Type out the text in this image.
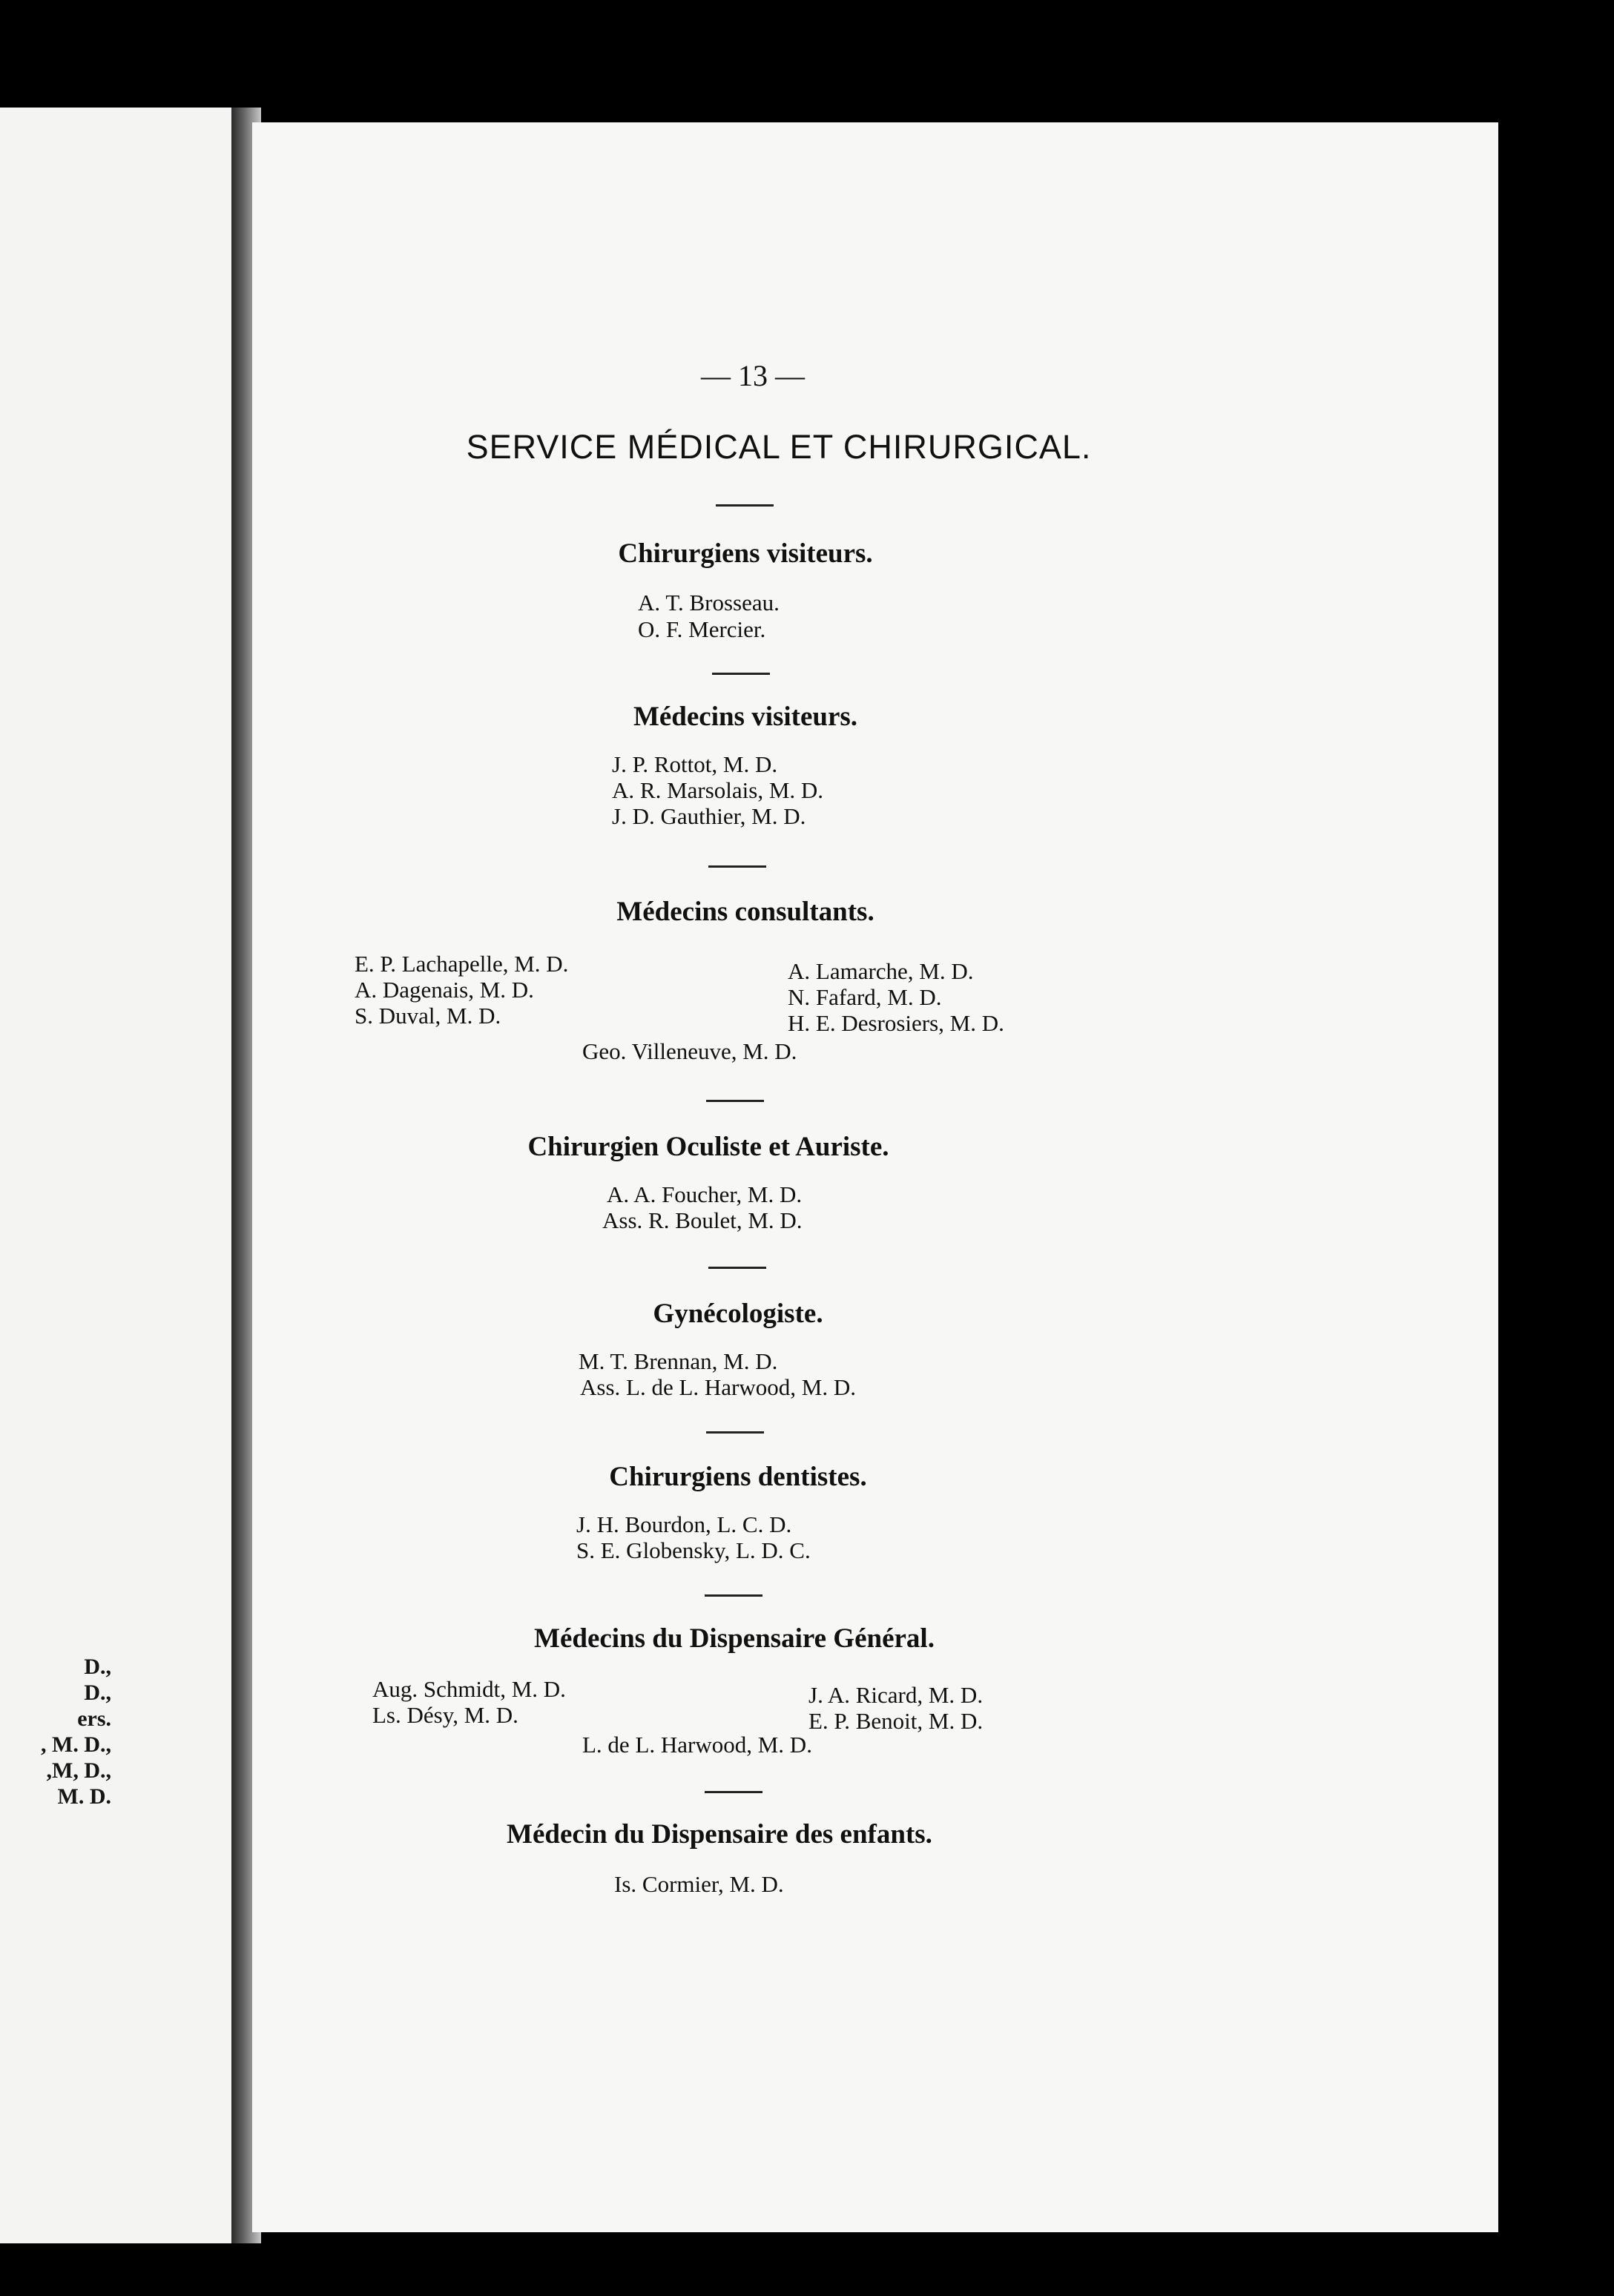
D.,
D.,
ers.
, M. D.,
,M, D.,
M. D.
— 13 —
SERVICE MÉDICAL ET CHIRURGICAL.
Chirurgiens visiteurs.
A. T. Brosseau.
O. F. Mercier.
Médecins visiteurs.
J. P. Rottot, M. D.
A. R. Marsolais, M. D.
J. D. Gauthier, M. D.
Médecins consultants.
E. P. Lachapelle, M. D.
A. Dagenais, M. D.
S. Duval, M. D.
A. Lamarche, M. D.
N. Fafard, M. D.
H. E. Desrosiers, M. D.
Geo. Villeneuve, M. D.
Chirurgien Oculiste et Auriste.
A. A. Foucher, M. D.
Ass. R. Boulet, M. D.
Gynécologiste.
M. T. Brennan, M. D.
Ass. L. de L. Harwood, M. D.
Chirurgiens dentistes.
J. H. Bourdon, L. C. D.
S. E. Globensky, L. D. C.
Médecins du Dispensaire Général.
Aug. Schmidt, M. D.
Ls. Désy, M. D.
J. A. Ricard, M. D.
E. P. Benoit, M. D.
L. de L. Harwood, M. D.
Médecin du Dispensaire des enfants.
Is. Cormier, M. D.
